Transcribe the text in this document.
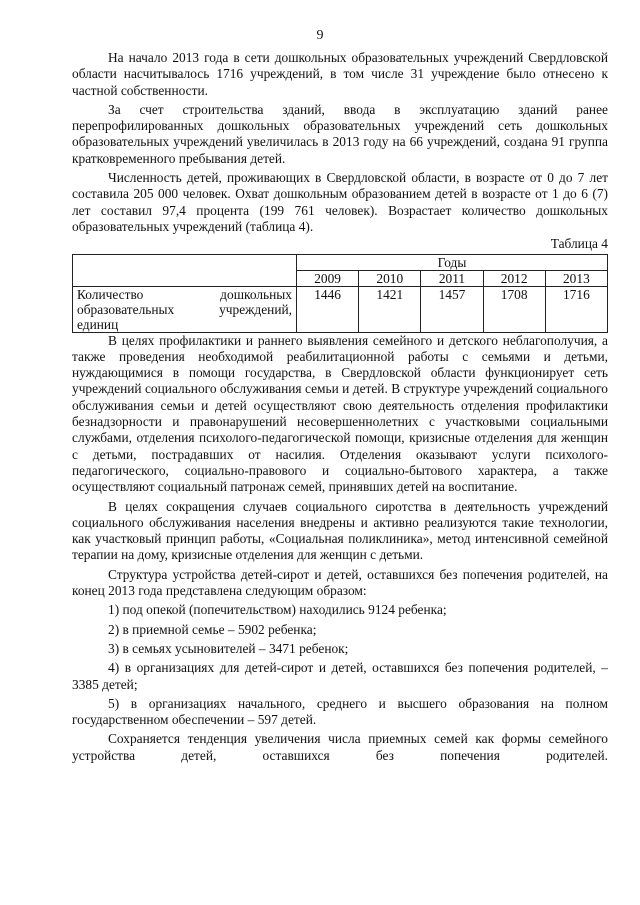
9

На начало 2013 года в сети дошкольных образовательных учреждений Свердловской области насчитывалось 1716 учреждений, в том числе 31 учреждение было отнесено к частной собственности.

За счет строительства зданий, ввода в эксплуатацию зданий ранее перепрофилированных дошкольных образовательных учреждений сеть дошкольных образовательных учреждений увеличилась в 2013 году на 66 учреждений, создана 91 группа кратковременного пребывания детей.

Численность детей, проживающих в Свердловской области, в возрасте от 0 до 7 лет составила 205 000 человек. Охват дошкольным образованием детей в возрасте от 1 до 6 (7) лет составил 97,4 процента (199 761 человек). Возрастает количество дошкольных образовательных учреждений (таблица 4).

Таблица 4
	Годы				
	2009	2010	2011	2012	2013

Количество дошкольных
образовательных учреждений,
единиц	1446	1421	1457	1708	1716

В целях профилактики и раннего выявления семейного и детского неблагополучия, а также проведения необходимой реабилитационной работы с семьями и детьми, нуждающимися в помощи государства, в Свердловской области функционирует сеть учреждений социального обслуживания семьи и детей. В структуре учреждений социального обслуживания семьи и детей осуществляют свою деятельность отделения профилактики безнадзорности и правонарушений несовершеннолетних с участковыми социальными службами, отделения психолого-педагогической помощи, кризисные отделения для женщин с детьми, пострадавших от насилия. Отделения оказывают услуги психолого-педагогического, социально-правового и социально-бытового характера, а также осуществляют социальный патронаж семей, принявших детей на воспитание.

В целях сокращения случаев социального сиротства в деятельность учреждений социального обслуживания населения внедрены и активно реализуются такие технологии, как участковый принцип работы, «Социальная поликлиника», метод интенсивной семейной терапии на дому, кризисные отделения для женщин с детьми.

Структура устройства детей-сирот и детей, оставшихся без попечения родителей, на конец 2013 года представлена следующим образом:

1) под опекой (попечительством) находились 9124 ребенка;

2) в приемной семье – 5902 ребенка;

3) в семьях усыновителей – 3471 ребенок;

4) в организациях для детей-сирот и детей, оставшихся без попечения родителей, – 3385 детей;

5) в организациях начального, среднего и высшего образования на полном государственном обеспечении – 597 детей.

Сохраняется тенденция увеличения числа приемных семей как формы семейного устройства детей, оставшихся без попечения родителей.
